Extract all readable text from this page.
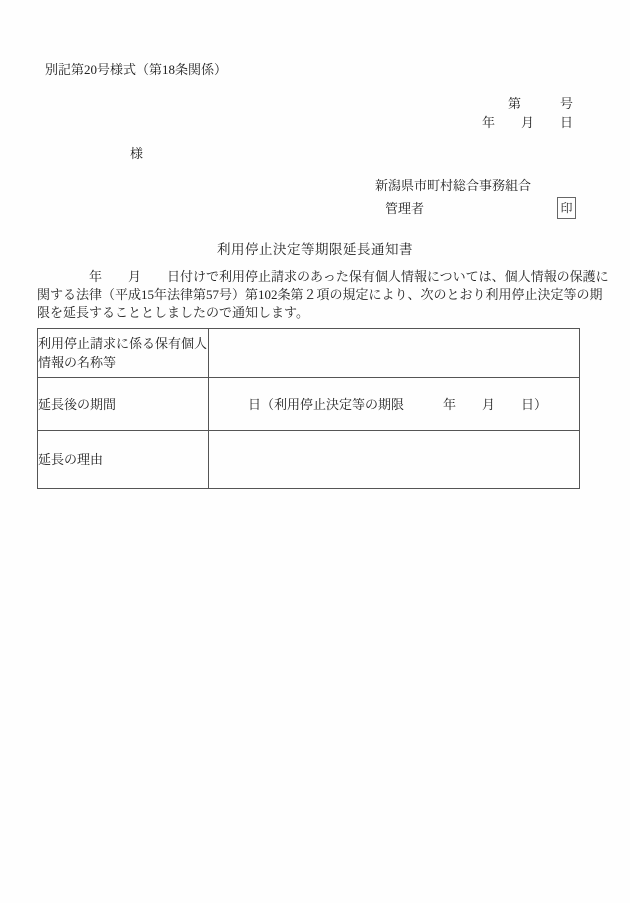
別記第20号様式（第18条関係）
第　　　号
年　　月　　日
様
新潟県市町村総合事務組合
管理者	印
利用停止決定等期限延長通知書
　　　　年　　月　　日付けで利用停止請求のあった保有個人情報については、個人情報の保護に
関する法律（平成15年法律第57号）第102条第２項の規定により、次のとおり利用停止決定等の期
限を延長することとしましたので通知します。
利用停止請求に係る保有個人情報の名称等	
延長後の期間	　　　日（利用停止決定等の期限　　　年　　月　　日）
延長の理由	
